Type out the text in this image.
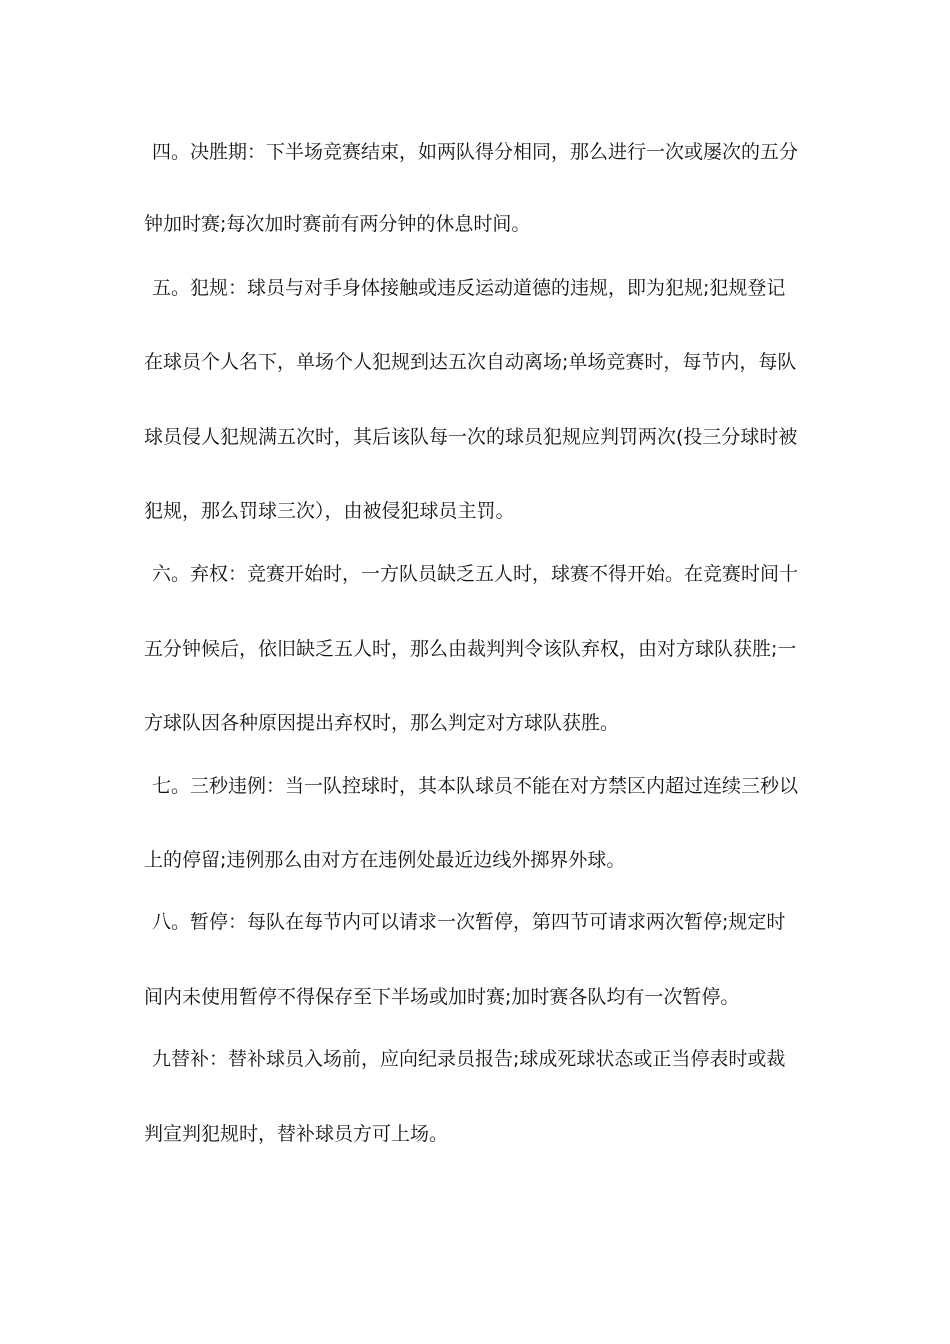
四。决胜期：下半场竞赛结束，如两队得分相同，那么进行一次或屡次的五分
钟加时赛;每次加时赛前有两分钟的休息时间。
五。犯规：球员与对手身体接触或违反运动道德的违规，即为犯规;犯规登记
在球员个人名下，单场个人犯规到达五次自动离场;单场竞赛时，每节内，每队
球员侵人犯规满五次时，其后该队每一次的球员犯规应判罚两次(投三分球时被
犯规，那么罚球三次），由被侵犯球员主罚。
六。弃权：竞赛开始时，一方队员缺乏五人时，球赛不得开始。在竞赛时间十
五分钟候后，依旧缺乏五人时，那么由裁判判令该队弃权，由对方球队获胜;一
方球队因各种原因提出弃权时，那么判定对方球队获胜。
七。三秒违例：当一队控球时，其本队球员不能在对方禁区内超过连续三秒以
上的停留;违例那么由对方在违例处最近边线外掷界外球。
八。暂停：每队在每节内可以请求一次暂停，第四节可请求两次暂停;规定时
间内未使用暂停不得保存至下半场或加时赛;加时赛各队均有一次暂停。
九替补：替补球员入场前，应向纪录员报告;球成死球状态或正当停表时或裁
判宣判犯规时，替补球员方可上场。
